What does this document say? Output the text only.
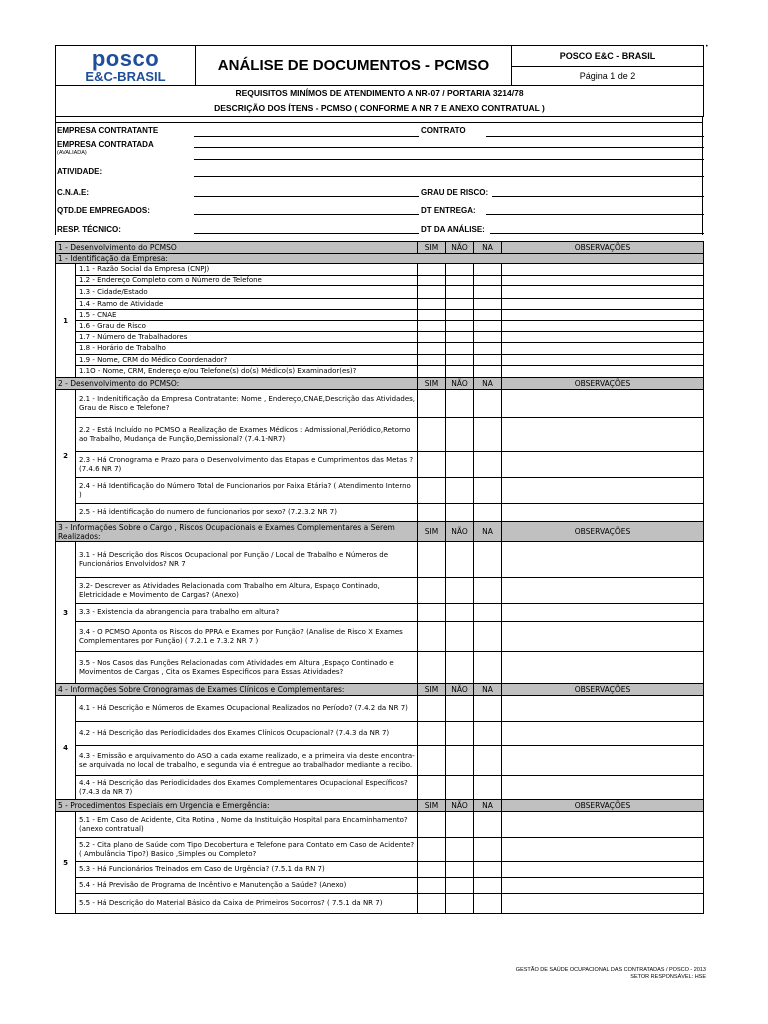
•
GESTÃO DE SAÚDE OCUPACIONAL DAS CONTRATADAS / POSCO - 2013
SETOR RESPONSÁVEL: HSE
posco
E&C-BRASIL
	ANÁLISE DE DOCUMENTOS - PCMSO	POSCO E&C - BRASIL
Página 1 de 2
REQUISITOS MINÍMOS DE ATENDIMENTO A NR-07 / PORTARIA 3214/78
DESCRIÇÃO DOS ÍTENS - PCMSO ( CONFORME A NR 7 E ANEXO CONTRATUAL )
EMPRESA CONTRATANTE	CONTRATO
EMPRESA CONTRATADA
ATIVIDADE:
C.N.A.E:	GRAU DE RISCO:
QTD.DE EMPREGADOS:	DT ENTREGA:
RESP. TÉCNICO:	DT DA ANÁLISE:
(AVALIADA)
1 - Desenvolvimento do PCMSO		SIM	NÃO	NA	OBSERVAÇÕES
1 - Identificação da Empresa:					
1	1.1 - Razão Social da Empresa (CNPJ)				
	1.2 - Endereço Completo com o Número de Telefone				
	1.3 - Cidade/Estado				
	1.4 - Ramo de Atividade				
	1.5 - CNAE				
	1.6 - Grau de Risco				
	1.7 - Número de Trabalhadores				
	1.8 - Horário de Trabalho				
	1.9 - Nome, CRM do Médico Coordenador?				
	1.1O - Nome, CRM, Endereço e/ou Telefone(s) do(s) Médico(s) Examinador(es)?				
2 - Desenvolvimento do PCMSO:		SIM	NÃO	NA	OBSERVAÇÕES
2	2.1 - Indenitificação da Empresa Contratante: Nome , Endereço,CNAE,Descrição das Atividades, Grau de Risco e Telefone?				
	2.2 - Está Incluído no PCMSO a Realização de Exames Médicos : Admissional,Periódico,Retorno ao Trabalho, Mudança de Função,Demissional? (7.4.1-NR7)				
	2.3 - Há Cronograma e Prazo para o Desenvolvimento das Etapas e Cumprimentos das Metas ? (7.4.6 NR 7)				
	2.4 - Há Identificação do Número Total de Funcionarios por Faixa Etária? ( Atendimento Interno )				
	2.5 - Há identificação do numero de funcionarios por sexo? (7.2.3.2 NR 7)				
3 - Informações Sobre o Cargo , Riscos Ocupacionais e Exames Complementares a Serem Realizados:		SIM	NÃO	NA	OBSERVAÇÕES
3	3.1 - Há Descrição dos Riscos Ocupacional por Função / Local de Trabalho e Números de Funcionários Envolvidos? NR 7				
	3.2- Descrever as Atividades Relacionada com Trabalho em Altura, Espaço Continado, Eletricidade e Movimento de Cargas? (Anexo)				
	3.3 - Existencia da abrangencia para trabalho em altura?				
	3.4 - O PCMSO Aponta os Riscos do PPRA e Exames por Função? (Analise de Risco X Exames Complementares por Função) ( 7.2.1 e 7.3.2 NR 7 )				
	3.5 - Nos Casos das Funções Relacionadas com Atividades em Altura ,Espaço Continado e Movimentos de Cargas , Cita os Exames Especificos para Essas Atividades?				
4 - Informações Sobre Cronogramas de Exames Clínicos e Complementares:		SIM	NÃO	NA	OBSERVAÇÕES
4	4.1 - Há Descrição e Números de Exames Ocupacional Realizados no Período? (7.4.2 da NR 7)				
	4.2 - Há Descrição das Periodicidades dos Exames Clínicos Ocupacional? (7.4.3 da NR 7)				
	4.3 - Emissão e arquivamento do ASO a cada exame realizado, e a primeira via deste encontra-se arquivada no local de trabalho, e segunda via é entregue ao trabalhador mediante a recibo.				
	4.4 - Há Descrição das Periodicidades dos Exames Complementares Ocupacional Específicos? (7.4.3 da NR 7)				
5 - Procedimentos Especiais em Urgencia e Emergência:		SIM	NÃO	NA	OBSERVAÇÕES
5	5.1 - Em Caso de Acidente, Cita Rotina , Nome da Instituição Hospital para Encaminhamento? (anexo contratual)				
	5.2 - Cita plano de Saúde com Tipo Decobertura e Telefone para Contato em Caso de Acidente? ( Ambulância Tipo?) Basico ,Simples ou Completo?				
	5.3 - Há Funcionários Treinados em Caso de Urgência? (7.5.1 da RN 7)				
	5.4 - Há Previsão de Programa de Incêntivo e Manutenção a Saúde? (Anexo)				
	5.5 - Há Descrição do Material Básico da Caixa de Primeiros Socorros? ( 7.5.1 da NR 7)				
